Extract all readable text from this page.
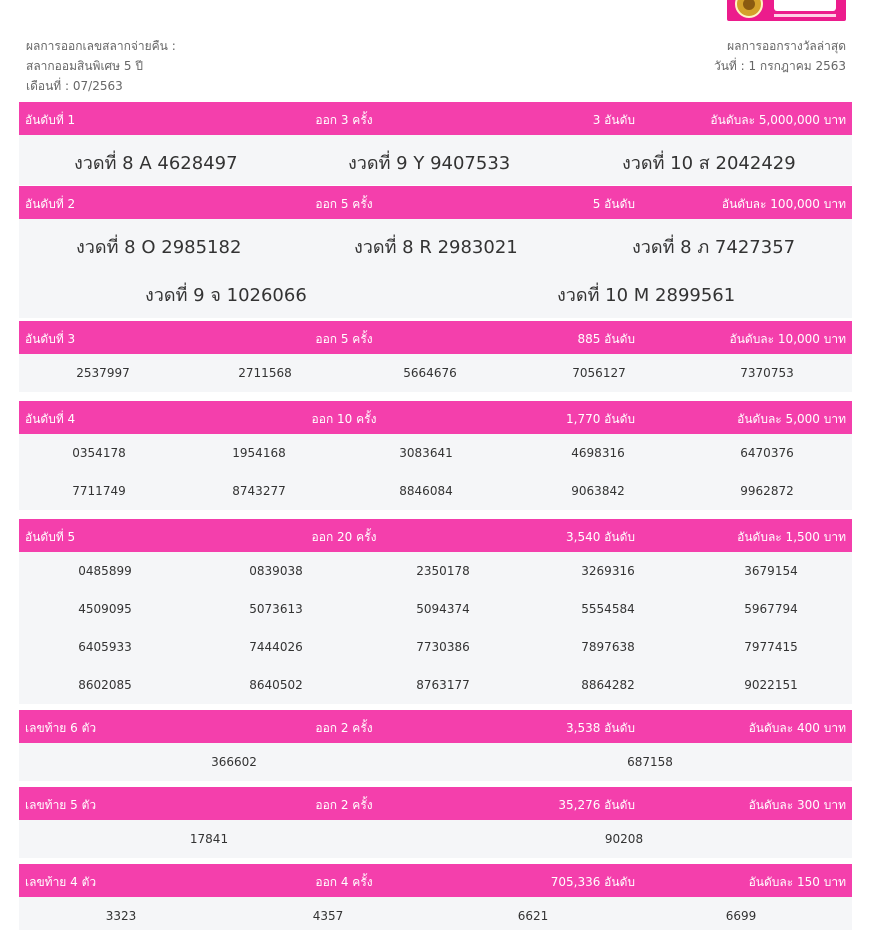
ผลการออกเลขสลากจ่ายคืน :
สลากออมสินพิเศษ 5 ปี
เดือนที่ : 07/2563
ผลการออกรางวัลล่าสุด
วันที่ : 1 กรกฎาคม 2563
อันดับที่ 1	ออก 3 ครั้ง	3 อันดับ	อันดับละ 5,000,000 บาท
งวดที่ 8 A 4628497	งวดที่ 9 Y 9407533	งวดที่ 10 ส 2042429
อันดับที่ 2	ออก 5 ครั้ง	5 อันดับ	อันดับละ 100,000 บาท
งวดที่ 8 O 2985182	งวดที่ 8 R 2983021	งวดที่ 8 ภ 7427357
งวดที่ 9 จ 1026066	งวดที่ 10 M 2899561
อันดับที่ 3	ออก 5 ครั้ง	885 อันดับ	อันดับละ 10,000 บาท
2537997	2711568	5664676	7056127	7370753
อันดับที่ 4	ออก 10 ครั้ง	1,770 อันดับ	อันดับละ 5,000 บาท
0354178	1954168	3083641	4698316	6470376
7711749	8743277	8846084	9063842	9962872
อันดับที่ 5	ออก 20 ครั้ง	3,540 อันดับ	อันดับละ 1,500 บาท
0485899	0839038	2350178	3269316	3679154
4509095	5073613	5094374	5554584	5967794
6405933	7444026	7730386	7897638	7977415
8602085	8640502	8763177	8864282	9022151
เลขท้าย 6 ตัว	ออก 2 ครั้ง	3,538 อันดับ	อันดับละ 400 บาท
366602	687158
เลขท้าย 5 ตัว	ออก 2 ครั้ง	35,276 อันดับ	อันดับละ 300 บาท
17841	90208
เลขท้าย 4 ตัว	ออก 4 ครั้ง	705,336 อันดับ	อันดับละ 150 บาท
3323	4357	6621	6699
